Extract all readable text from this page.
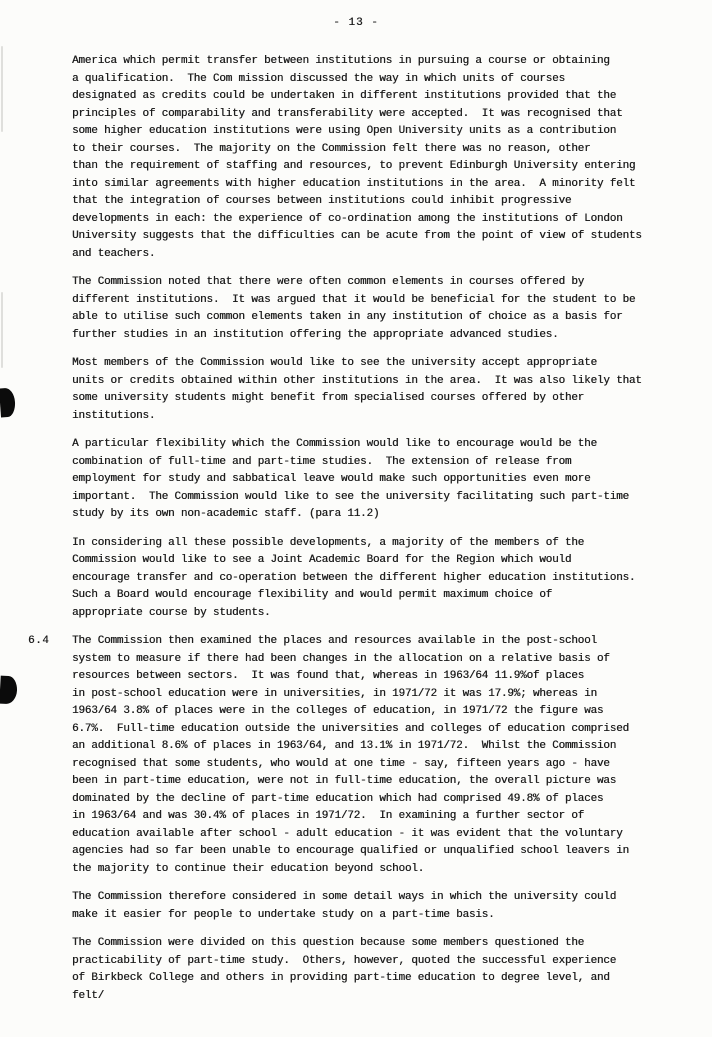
- 13 -

America which permit transfer between institutions in pursuing a course or obtaining
a qualification.  The Com mission discussed the way in which units of courses
designated as credits could be undertaken in different institutions provided that the
principles of comparability and transferability were accepted.  It was recognised that
some higher education institutions were using Open University units as a contribution
to their courses.  The majority on the Commission felt there was no reason, other
than the requirement of staffing and resources, to prevent Edinburgh University entering
into similar agreements with higher education institutions in the area.  A minority felt
that the integration of courses between institutions could inhibit progressive
developments in each: the experience of co-ordination among the institutions of London
University suggests that the difficulties can be acute from the point of view of students
and teachers.

The Commission noted that there were often common elements in courses offered by
different institutions.  It was argued that it would be beneficial for the student to be
able to utilise such common elements taken in any institution of choice as a basis for
further studies in an institution offering the appropriate advanced studies.

Most members of the Commission would like to see the university accept appropriate
units or credits obtained within other institutions in the area.  It was also likely that
some university students might benefit from specialised courses offered by other
institutions.

A particular flexibility which the Commission would like to encourage would be the
combination of full-time and part-time studies.  The extension of release from
employment for study and sabbatical leave would make such opportunities even more
important.  The Commission would like to see the university facilitating such part-time
study by its own non-academic staff. (para 11.2)

In considering all these possible developments, a majority of the members of the
Commission would like to see a Joint Academic Board for the Region which would
encourage transfer and co-operation between the different higher education institutions.
Such a Board would encourage flexibility and would permit maximum choice of
appropriate course by students.

6.4 The Commission then examined the places and resources available in the post-school
system to measure if there had been changes in the allocation on a relative basis of
resources between sectors.  It was found that, whereas in 1963/64 11.9%of places
in post-school education were in universities, in 1971/72 it was 17.9%; whereas in
1963/64 3.8% of places were in the colleges of education, in 1971/72 the figure was
6.7%.  Full-time education outside the universities and colleges of education comprised
an additional 8.6% of places in 1963/64, and 13.1% in 1971/72.  Whilst the Commission
recognised that some students, who would at one time - say, fifteen years ago - have
been in part-time education, were not in full-time education, the overall picture was
dominated by the decline of part-time education which had comprised 49.8% of places
in 1963/64 and was 30.4% of places in 1971/72.  In examining a further sector of
education available after school - adult education - it was evident that the voluntary
agencies had so far been unable to encourage qualified or unqualified school leavers in
the majority to continue their education beyond school.

The Commission therefore considered in some detail ways in which the university could
make it easier for people to undertake study on a part-time basis.

The Commission were divided on this question because some members questioned the
practicability of part-time study.  Others, however, quoted the successful experience
of Birkbeck College and others in providing part-time education to degree level, and
felt/
